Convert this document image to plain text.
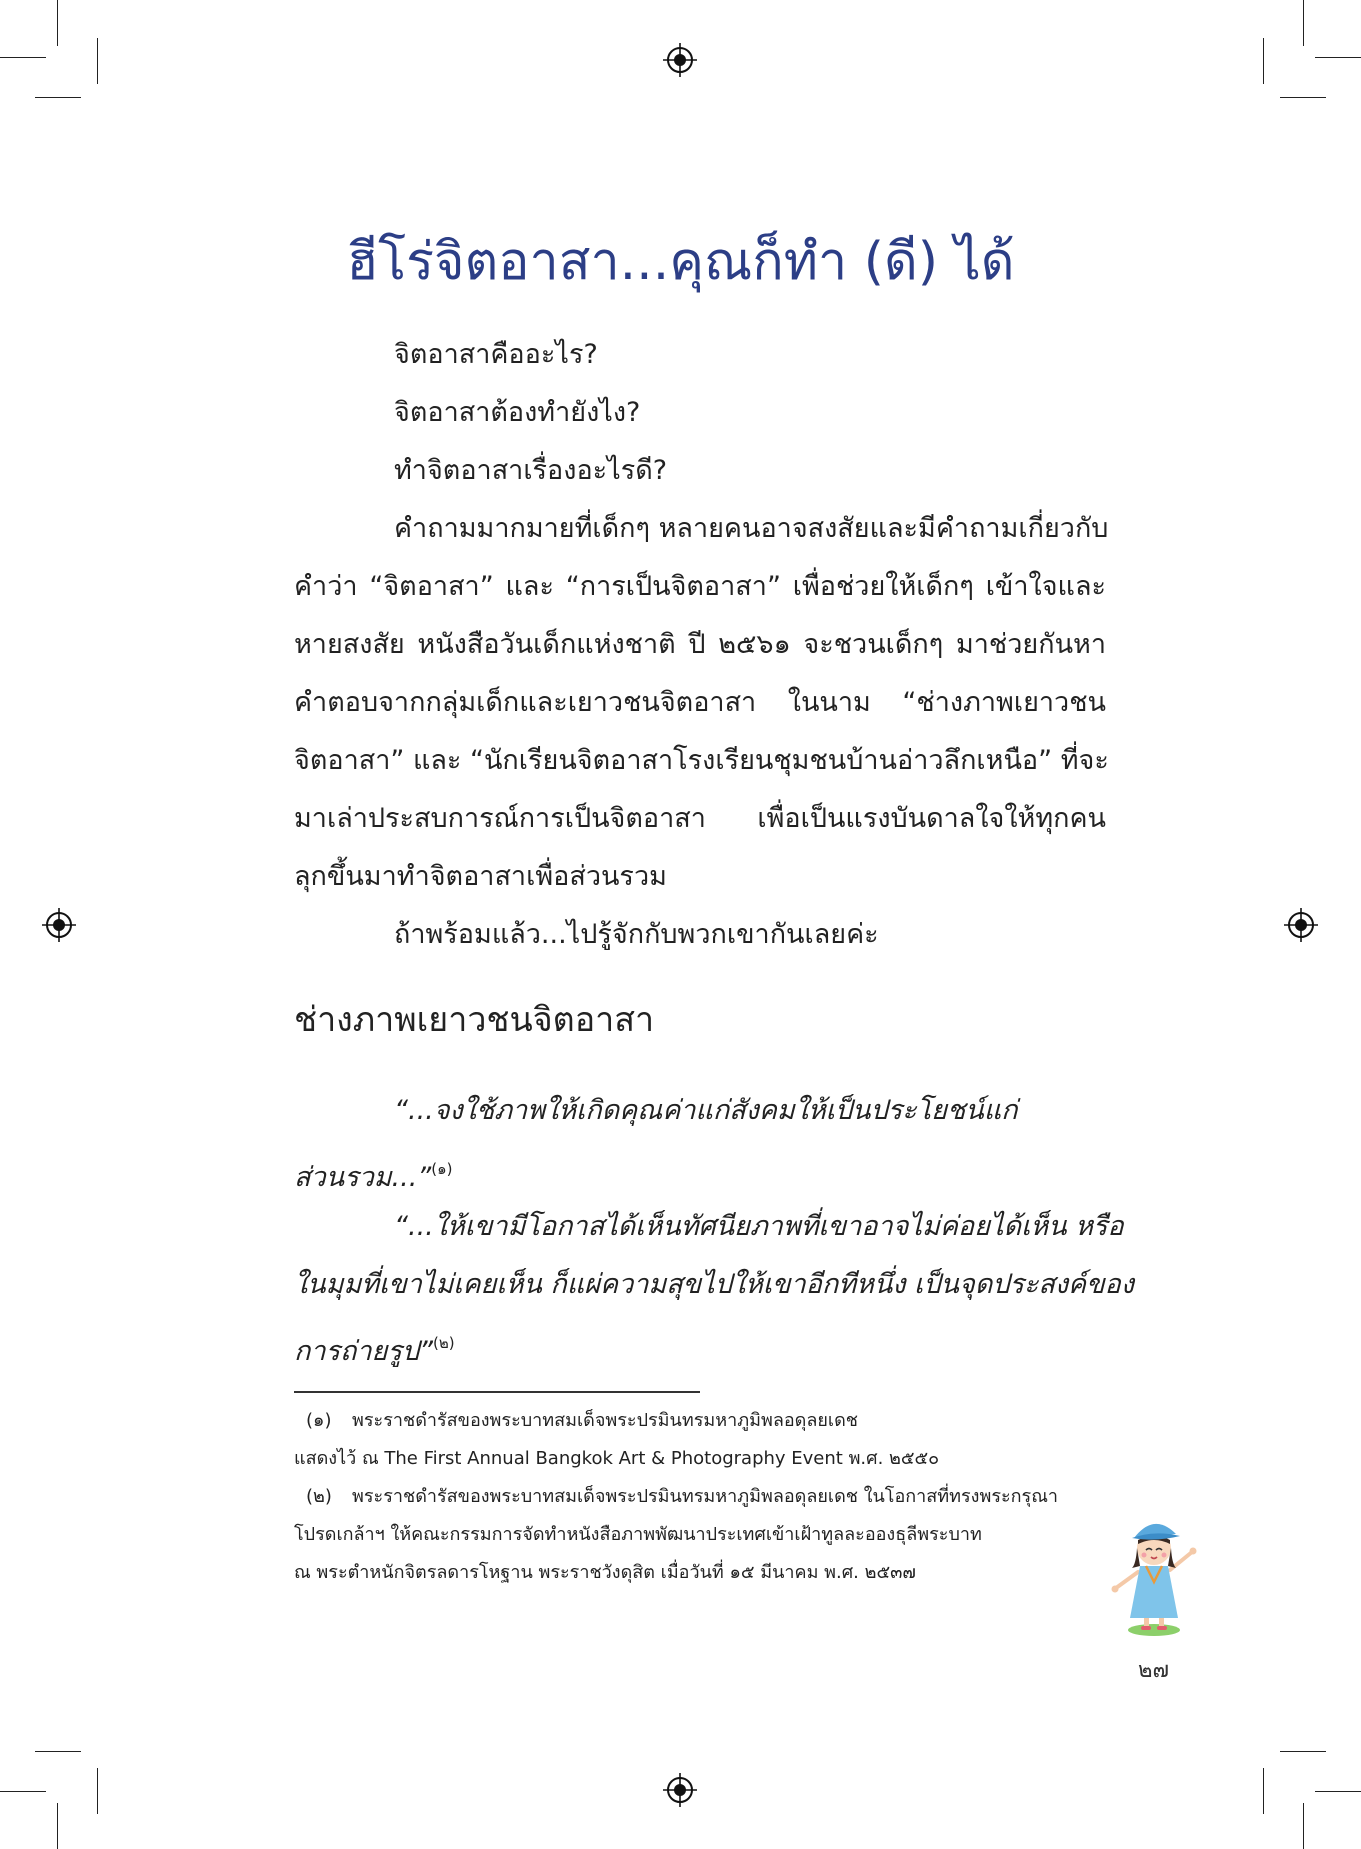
ฮีโร่จิตอาสา...คุณก็ทำ (ดี) ได้
จิตอาสาคืออะไร?
จิตอาสาต้องทำยังไง?
ทำจิตอาสาเรื่องอะไรดี?
คำถามมากมายที่เด็กๆ หลายคนอาจสงสัยและมีคำถามเกี่ยวกับ
คำว่า “จิตอาสา” และ “การเป็นจิตอาสา” เพื่อช่วยให้เด็กๆ เข้าใจและ
หายสงสัย หนังสือวันเด็กแห่งชาติ ปี ๒๕๖๑ จะชวนเด็กๆ มาช่วยกันหา
คำตอบจากกลุ่มเด็กและเยาวชนจิตอาสา ในนาม “ช่างภาพเยาวชน
จิตอาสา” และ “นักเรียนจิตอาสาโรงเรียนชุมชนบ้านอ่าวลึกเหนือ” ที่จะ
มาเล่าประสบการณ์การเป็นจิตอาสา เพื่อเป็นแรงบันดาลใจให้ทุกคน
ลุกขึ้นมาทำจิตอาสาเพื่อส่วนรวม
ถ้าพร้อมแล้ว...ไปรู้จักกับพวกเขากันเลยค่ะ
ช่างภาพเยาวชนจิตอาสา
“...จงใช้ภาพให้เกิดคุณค่าแก่สังคมให้เป็นประโยชน์แก่
ส่วนรวม...”$^{(๑)}$
“...ให้เขามีโอกาสได้เห็นทัศนียภาพที่เขาอาจไม่ค่อยได้เห็น หรือ
ในมุมที่เขาไม่เคยเห็น ก็แผ่ความสุขไปให้เขาอีกทีหนึ่ง เป็นจุดประสงค์ของ
การถ่ายรูป”$^{(๒)}$
(๑) พระราชดำรัสของพระบาทสมเด็จพระปรมินทรมหาภูมิพลอดุลยเดช
แสดงไว้ ณ The First Annual Bangkok Art & Photography Event พ.ศ. ๒๕๕๐
(๒) พระราชดำรัสของพระบาทสมเด็จพระปรมินทรมหาภูมิพลอดุลยเดช ในโอกาสที่ทรงพระกรุณา
โปรดเกล้าฯ ให้คณะกรรมการจัดทำหนังสือภาพพัฒนาประเทศเข้าเฝ้าทูลละอองธุลีพระบาท
ณ พระตำหนักจิตรลดารโหฐาน พระราชวังดุสิต เมื่อวันที่ ๑๕ มีนาคม พ.ศ. ๒๕๓๗
๒๗
